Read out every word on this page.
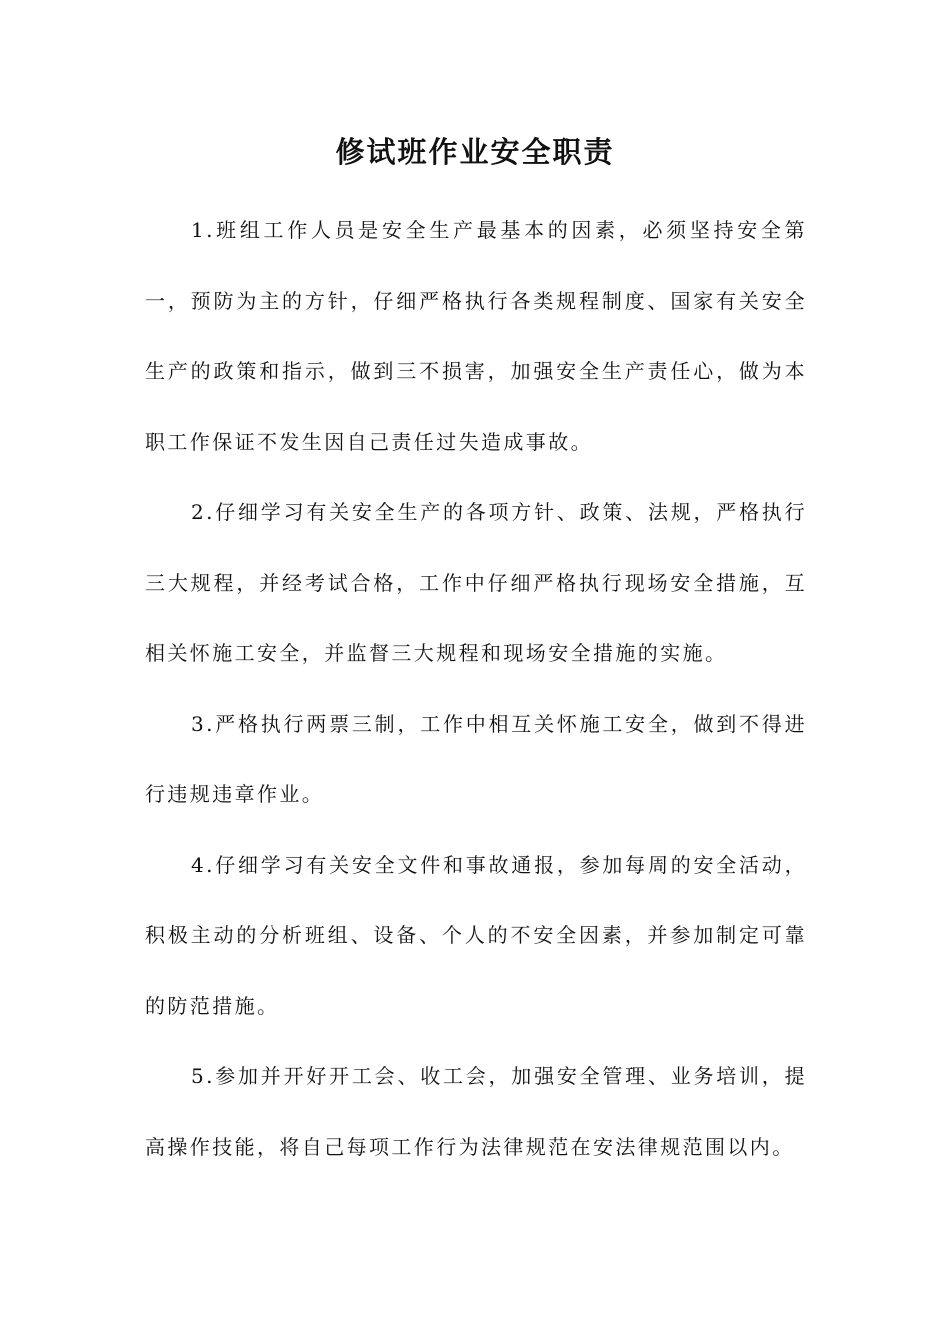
修试班作业安全职责

1.班组工作人员是安全生产最基本的因素，必须坚持安全第一，预防为主的方针，仔细严格执行各类规程制度、国家有关安全生产的政策和指示，做到三不损害，加强安全生产责任心，做为本职工作保证不发生因自己责任过失造成事故。

2.仔细学习有关安全生产的各项方针、政策、法规，严格执行三大规程，并经考试合格，工作中仔细严格执行现场安全措施，互相关怀施工安全，并监督三大规程和现场安全措施的实施。

3.严格执行两票三制，工作中相互关怀施工安全，做到不得进行违规违章作业。

4.仔细学习有关安全文件和事故通报，参加每周的安全活动，积极主动的分析班组、设备、个人的不安全因素，并参加制定可靠的防范措施。

5.参加并开好开工会、收工会，加强安全管理、业务培训，提高操作技能，将自己每项工作行为法律规范在安法律规范围以内。
